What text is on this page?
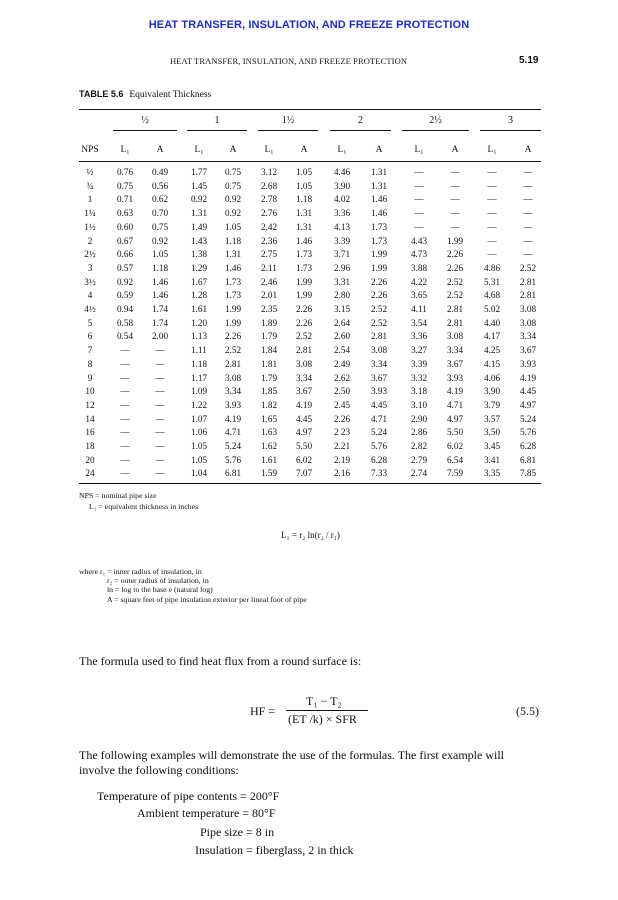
HEAT TRANSFER, INSULATION, AND FREEZE PROTECTION
HEAT TRANSFER, INSULATION, AND FREEZE PROTECTION	5.19
TABLE 5.6 Equivalent Thickness
½	1	1½	2	2½	3
NPS	L₁	A	L₁	A	L₁	A	L₁	A	L₁	A	L₁	A
½	0.76	0.49	1.77	0.75	3.12	1.05	4.46	1.31	—	—	—	—
¾	0.75	0.56	1.45	0.75	2.68	1.05	3.90	1.31	—	—	—	—
1	0.71	0.62	0.92	0.92	2.78	1.18	4.02	1.46	—	—	—	—
1¼	0.63	0.70	1.31	0.92	2.76	1.31	3.36	1.46	—	—	—	—
1½	0.60	0.75	1.49	1.05	2.42	1.31	4.13	1.73	—	—	—	—
2	0.67	0.92	1.43	1.18	2.36	1.46	3.39	1.73	4.43	1.99	—	—
2½	0.66	1.05	1.38	1.31	2.75	1.73	3.71	1.99	4.73	2.26	—	—
3	0.57	1.18	1.29	1.46	2.11	1.73	2.96	1.99	3.88	2.26	4.86	2.52
3½	0.92	1.46	1.67	1.73	2.46	1.99	3.31	2.26	4.22	2.52	5.31	2.81
4	0.59	1.46	1.28	1.73	2.01	1.99	2.80	2.26	3.65	2.52	4.68	2.81
4½	0.94	1.74	1.61	1.99	2.35	2.26	3.15	2.52	4.11	2.81	5.02	3.08
5	0.58	1.74	1.20	1.99	1.89	2.26	2.64	2.52	3.54	2.81	4.40	3.08
6	0.54	2.00	1.13	2.26	1.79	2.52	2.60	2.81	3.36	3.08	4.17	3.34
7	—	—	1.11	2.52	1.84	2.81	2.54	3.08	3.27	3.34	4.25	3.67
8	—	—	1.18	2.81	1.81	3.08	2.49	3.34	3.39	3.67	4.15	3.93
9	—	—	1.17	3.08	1.79	3.34	2.62	3.67	3.32	3.93	4.06	4.19
10	—	—	1.09	3.34	1.85	3.67	2.50	3.93	3.18	4.19	3.90	4.45
12	—	—	1.22	3.93	1.82	4.19	2.45	4.45	3.10	4.71	3.79	4.97
14	—	—	1.07	4.19	1.65	4.45	2.26	4.71	2.90	4.97	3.57	5.24
16	—	—	1.06	4.71	1.63	4.97	2 23	5.24	2.86	5.50	3.50	5.76
18	—	—	1.05	5.24	1.62	5.50	2.21	5.76	2.82	6.02	3.45	6.28
20	—	—	1.05	5.76	1.61	6.02	2.19	6.28	2.79	6.54	3.41	6.81
24	—	—	1.04	6.81	1.59	7.07	2.16	7.33	2.74	7.59	3.35	7.85
NPS = nominal pipe size
L₁ = equivalent thickness in inches
L₁ = r₂ ln(r₂ / r₁)
where r₁ = inner radius of insulation, in
r₂ = outer radius of insulation, in
ln = log to the base e (natural log)
A = square feet of pipe insulation exterior per lineal foot of pipe
The formula used to find heat flux from a round surface is:
HF =
T₁ − T₂
(ET /k) × SFR
(5.5)
The following examples will demonstrate the use of the formulas. The first example will involve the following conditions:
Temperature of pipe contents = 200°F
Ambient temperature = 80°F
Pipe size = 8 in
Insulation = fiberglass, 2 in thick
